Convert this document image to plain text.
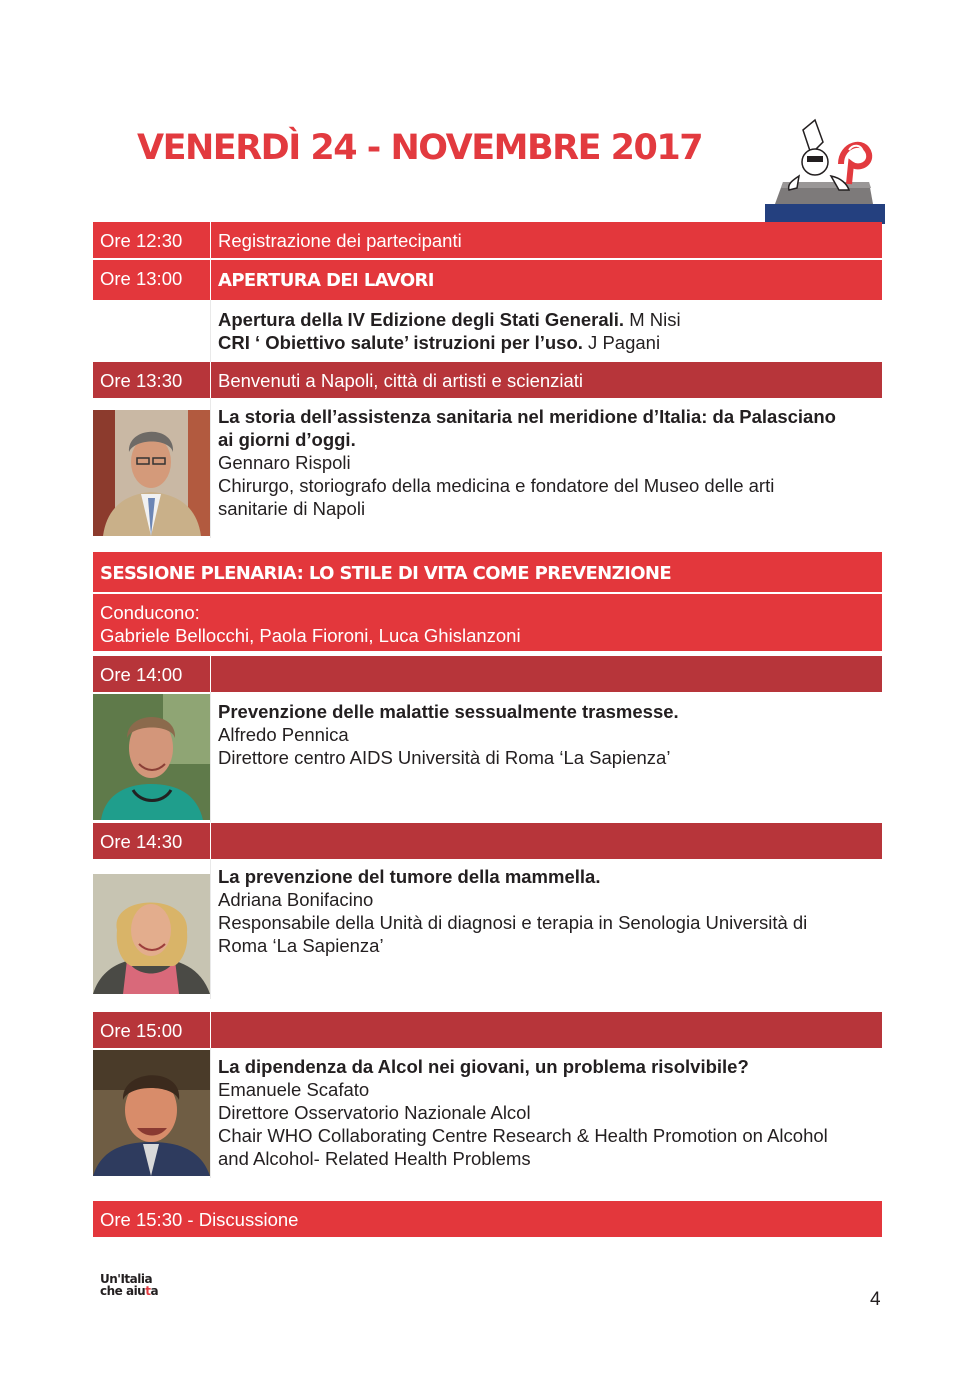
VENERDÌ 24 - NOVEMBRE 2017
Ore 12:30 Registrazione dei partecipanti
Ore 13:00 APERTURA DEI LAVORI
Apertura della IV Edizione degli Stati Generali. M Nisi
CRI ‘ Obiettivo salute’ istruzioni per l’uso. J Pagani
Ore 13:30 Benvenuti a Napoli, città di artisti e scienziati
La storia dell’assistenza sanitaria nel meridione d’Italia: da Palasciano
ai giorni d’oggi.
Gennaro Rispoli
Chirurgo, storiografo della medicina e fondatore del Museo delle arti
sanitarie di Napoli
SESSIONE PLENARIA: LO STILE DI VITA COME PREVENZIONE
Conducono:
Gabriele Bellocchi, Paola Fioroni, Luca Ghislanzoni
Ore 14:00
Prevenzione delle malattie sessualmente trasmesse.
Alfredo Pennica
Direttore centro AIDS Università di Roma ‘La Sapienza’
Ore 14:30
La prevenzione del tumore della mammella.
Adriana Bonifacino
Responsabile della Unità di diagnosi e terapia in Senologia Università di
Roma ‘La Sapienza’
Ore 15:00
La dipendenza da Alcol nei giovani, un problema risolvibile?
Emanuele Scafato
Direttore Osservatorio Nazionale Alcol
Chair WHO Collaborating Centre Research & Health Promotion on Alcohol
and Alcohol- Related Health Problems
Ore 15:30 - Discussione
Un'Italia
che aiuta	4
